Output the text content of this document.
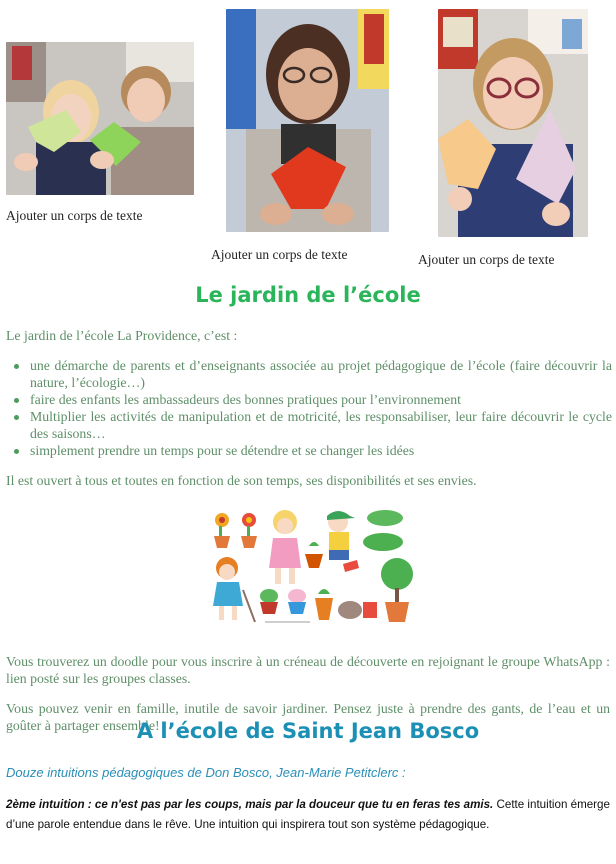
Ajouter un corps de texte
Ajouter un corps de texte	Ajouter un corps de texte
Le jardin de l’école

Le jardin de l’école La Providence, c’est :

une démarche de parents et d’enseignants associée au projet pédagogique de l’école (faire découvrir la nature, l’écologie…)
faire des enfants les ambassadeurs des bonnes pratiques pour l’environnement
Multiplier les activités de manipulation et de motricité, les responsabiliser, leur faire découvrir le cycle des saisons…
simplement prendre un temps pour se détendre et se changer les idées

Il est ouvert à tous et toutes en fonction de son temps, ses disponibilités et ses envies.

Vous trouverez un doodle pour vous inscrire à un créneau de découverte en rejoignant le groupe WhatsApp : lien posté sur les groupes classes.

Vous pouvez venir en famille, inutile de savoir jardiner. Pensez juste à prendre des gants, de l’eau et un goûter à partager ensemble!

A l’école de Saint Jean Bosco

Douze intuitions pédagogiques de Don Bosco, Jean-Marie Petitclerc :

2ème intuition : ce n'est pas par les coups, mais par la douceur que tu en feras tes amis. Cette intuition émerge d’une parole entendue dans le rêve. Une intuition qui inspirera tout son système pédagogique.
